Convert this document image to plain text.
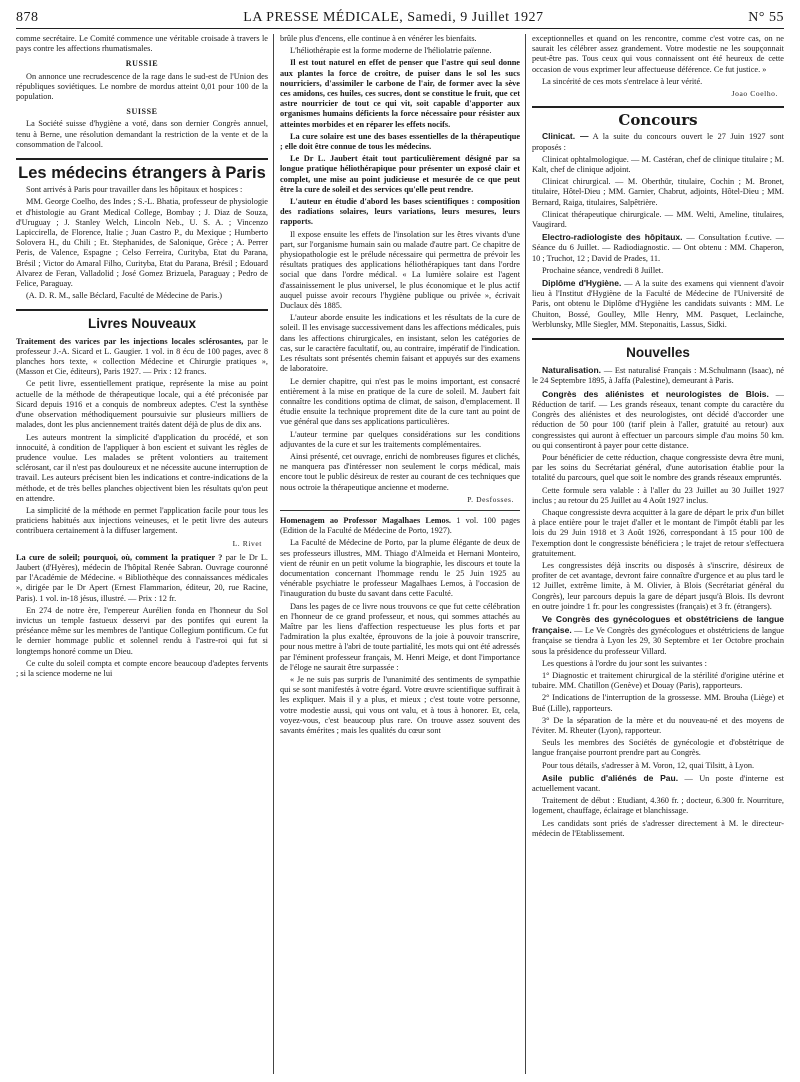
878	LA PRESSE MÉDICALE, Samedi, 9 Juillet 1927	N° 55

comme secrétaire. Le Comité commence une véritable croisade à travers le pays contre les affections rhumatismales.

RUSSIE

On annonce une recrudescence de la rage dans le sud-est de l'Union des républiques soviétiques. Le nombre de mordus atteint 0,01 pour 100 de la population.

SUISSE

La Société suisse d'hygiène a voté, dans son dernier Congrès annuel, tenu à Berne, une résolution demandant la restriction de la vente et de la consommation de l'alcool.

Les médecins étrangers à Paris

Sont arrivés à Paris pour travailler dans les hôpitaux et hospices :

MM. George Coelho, des Indes ; S.-L. Bhatia, professeur de physiologie et d'histologie au Grant Medical College, Bombay ; J. Diaz de Souza, d'Uruguay ; J. Stanley Welch, Lincoln Neb., U. S. A. ; Vincenzo Lapiccirella, de Florence, Italie ; Juan Castro P., du Mexique ; Humberto Solovera H., du Chili ; Et. Stephanides, de Salonique, Grèce ; A. Perrer Peris, de Valence, Espagne ; Celso Ferreira, Curityba, Etat du Parana, Brésil ; Victor do Amaral Filho, Curityba, Etat du Parana, Brésil ; Edouard Alvarez de Feran, Valladolid ; José Gomez Brizuela, Paraguay ; Pedro de Felice, Paraguay.

(A. D. R. M., salle Béclard, Faculté de Médecine de Paris.)

Livres Nouveaux

Traitement des varices par les injections locales sclérosantes, par le professeur J.-A. Sicard et L. Gaugier. 1 vol. in 8 écu de 100 pages, avec 8 planches hors texte, « collection Médecine et Chirurgie pratiques », (Masson et Cie, éditeurs), Paris 1927. — Prix : 12 francs.

Ce petit livre, essentiellement pratique, représente la mise au point actuelle de la méthode de thérapeutique locale, qui a été préconisée par Sicard depuis 1916 et a conquis de nombreux adeptes. C'est la synthèse d'une observation méthodiquement poursuivie sur plusieurs milliers de malades, dont les plus anciennement traités datent déjà de plus de dix ans.

Les auteurs montrent la simplicité d'application du procédé, et son innocuité, à condition de l'appliquer à bon escient et suivant les règles de prudence voulue. Les malades se prêtent volontiers au traitement sclérosant, car il n'est pas douloureux et ne nécessite aucune interruption de travail. Les auteurs précisent bien les indications et contre-indications de la méthode, et de très belles planches objectivent bien les résultats qu'on peut en attendre.

La simplicité de la méthode en permet l'application facile pour tous les praticiens habitués aux injections veineuses, et le petit livre des auteurs contribuera certainement à la diffuser largement.

L. Rivet

La cure de soleil; pourquoi, où, comment la pratiquer ? par le Dr L. Jaubert (d'Hyères), médecin de l'hôpital Renée Sabran. Ouvrage couronné par l'Académie de Médecine. « Bibliothèque des connaissances médicales », dirigée par le Dr Apert (Ernest Flammarion, éditeur, 20, rue Racine, Paris). 1 vol. in-18 jésus, illustré. — Prix : 12 fr.

En 274 de notre ère, l'empereur Aurélien fonda en l'honneur du Sol invictus un temple fastueux desservi par des pontifes qui eurent la préséance même sur les membres de l'antique Collegium pontificum. Ce fut le dernier hommage public et solennel rendu à l'astre-roi qui fut si longtemps honoré comme un Dieu.

Ce culte du soleil compta et compte encore beaucoup d'adeptes fervents ; si la science moderne ne lui

brûle plus d'encens, elle continue à en vénérer les bienfaits.

L'héliothérapie est la forme moderne de l'héliolatrie païenne.

Il est tout naturel en effet de penser que l'astre qui seul donne aux plantes la force de croître, de puiser dans le sol les sucs nourriciers, d'assimiler le carbone de l'air, de former avec la sève ces amidons, ces huiles, ces sucres, dont se constitue le fruit, que cet astre nourricier de tout ce qui vit, soit capable d'apporter aux organismes humains déficients la force nécessaire pour résister aux atteintes morbides et en réparer les effets nocifs.

La cure solaire est une des bases essentielles de la thérapeutique ; elle doit être connue de tous les médecins.

Le Dr L. Jaubert était tout particulièrement désigné par sa longue pratique héliothérapique pour présenter un exposé clair et complet, une mise au point judicieuse et mesurée de ce que peut être la cure de soleil et des services qu'elle peut rendre.

L'auteur en étudie d'abord les bases scientifiques : composition des radiations solaires, leurs variations, leurs mesures, leurs rapports.

Il expose ensuite les effets de l'insolation sur les êtres vivants d'une part, sur l'organisme humain sain ou malade d'autre part. Ce chapitre de physiopathologie est le prélude nécessaire qui permettra de prévoir les résultats pratiques des applications héliothérapiques tant dans l'ordre social que dans l'ordre médical. « La lumière solaire est l'agent d'assainissement le plus universel, le plus économique et le plus actif auquel puisse avoir recours l'hygiène publique ou privée », écrivait Duclaux dès 1885.

L'auteur aborde ensuite les indications et les résultats de la cure de soleil. Il les envisage successivement dans les affections médicales, puis dans les affections chirurgicales, en insistant, selon les catégories de cas, sur le caractère facultatif, ou, au contraire, impératif de l'indication. Les résultats sont présentés chemin faisant et appuyés sur des examens de laboratoire.

Le dernier chapitre, qui n'est pas le moins important, est consacré entièrement à la mise en pratique de la cure de soleil. M. Jaubert fait connaître les conditions optima de climat, de saison, d'emplacement. Il étudie ensuite la technique proprement dite de la cure tant au point de vue général que dans ses applications particulières.

L'auteur termine par quelques considérations sur les conditions adjuvantes de la cure et sur les traitements complémentaires.

Ainsi présenté, cet ouvrage, enrichi de nombreuses figures et clichés, ne manquera pas d'intéresser non seulement le corps médical, mais encore tout le public désireux de rester au courant de ces techniques que nous octroie la thérapeutique ancienne et moderne.

P. Desfosses.

Homenagem ao Professor Magalhaes Lemos. 1 vol. 100 pages (Edition de la Faculté de Médecine de Porto, 1927).

La Faculté de Médecine de Porto, par la plume élégante de deux de ses professeurs illustres, MM. Thiago d'Almeida et Hernani Monteiro, vient de réunir en un petit volume la biographie, les discours et toute la documentation concernant l'hommage rendu le 25 Juin 1925 au vénérable psychiatre le professeur Magalhaes Lemos, à l'occasion de l'inauguration du buste du savant dans cette Faculté.

Dans les pages de ce livre nous trouvons ce que fut cette célébration en l'honneur de ce grand professeur, et nous, qui sommes attachés au Maître par les liens d'affection respectueuse les plus forts et par l'admiration la plus exaltée, éprouvons de la joie à pouvoir transcrire, pour nous mettre à l'abri de toute partialité, les mots qui ont été adressés par l'éminent professeur français, M. Henri Meige, et dont l'importance de l'éloge ne saurait être surpassée :

« Je ne suis pas surpris de l'unanimité des sentiments de sympathie qui se sont manifestés à votre égard. Votre œuvre scientifique suffirait à les expliquer. Mais il y a plus, et mieux ; c'est toute votre personne, votre modestie aussi, qui vous ont valu, et à tous à honorer. Et, cela, voyez-vous, c'est beaucoup plus rare. On trouve assez souvent des savants émérites ; mais les qualités du cœur sont

exceptionnelles et quand on les rencontre, comme c'est votre cas, on ne saurait les célébrer assez grandement. Votre modestie ne les soupçonnait peut-être pas. Tous ceux qui vous connaissent ont été heureux de cette occasion de vous exprimer leur affectueuse déférence. Ce fut justice. »

La sincérité de ces mots s'entrelace à leur vérité.

Joao Coelho.
Concours

Clinicat. — A la suite du concours ouvert le 27 Juin 1927 sont proposés :

Clinicat ophtalmologique. — M. Castéran, chef de clinique titulaire ; M. Kalt, chef de clinique adjoint.

Clinicat chirurgical. — M. Oberthür, titulaire, Cochin ; M. Bronet, titulaire, Hôtel-Dieu ; MM. Garnier, Chabrut, adjoints, Hôtel-Dieu ; MM. Bernard, Raiga, titulaires, Salpêtrière.

Clinicat thérapeutique chirurgicale. — MM. Welti, Ameline, titulaires, Vaugirard.

Electro-radiologiste des hôpitaux. — Consultation f.cutive. — Séance du 6 Juillet. — Radiodiagnostic. — Ont obtenu : MM. Chaperon, 10 ; Truchot, 12 ; David de Prades, 11.

Prochaine séance, vendredi 8 Juillet.

Diplôme d'Hygiène. — A la suite des examens qui viennent d'avoir lieu à l'Institut d'Hygiène de la Faculté de Médecine de l'Université de Paris, ont obtenu le Diplôme d'Hygiène les candidats suivants : MM. Le Chuiton, Bossé, Goulley, Mlle Henry, MM. Pasquet, Leclainche, Werblunsky, Mlle Siegler, MM. Steponaitis, Lassus, Sidki.

Nouvelles

Naturalisation. — Est naturalisé Français : M.Schulmann (Isaac), né le 24 Septembre 1895, à Jaffa (Palestine), demeurant à Paris.

Congrès des aliénistes et neurologistes de Blois. — Réduction de tarif. — Les grands réseaux, tenant compte du caractère du Congrès des aliénistes et des neurologistes, ont décidé d'accorder une réduction de 50 pour 100 (tarif plein à l'aller, gratuité au retour) aux congressistes qui auront à effectuer un parcours simple d'au moins 50 km. ou qui consentiront à payer pour cette distance.

Pour bénéficier de cette réduction, chaque congressiste devra être muni, par les soins du Secrétariat général, d'une autorisation établie pour la totalité du parcours, quel que soit le nombre des grands réseaux empruntés.

Cette formule sera valable : à l'aller du 23 Juillet au 30 Juillet 1927 inclus ; au retour du 25 Juillet au 4 Août 1927 inclus.

Chaque congressiste devra acquitter à la gare de départ le prix d'un billet à place entière pour le trajet d'aller et le montant de l'impôt établi par les lois du 29 Juin 1918 et 3 Août 1926, correspondant à 15 pour 100 de l'exemption dont le congressiste bénéficiera ; le trajet de retour s'effectuera gratuitement.

Les congressistes déjà inscrits ou disposés à s'inscrire, désireux de profiter de cet avantage, devront faire connaître d'urgence et au plus tard le 12 Juillet, extrême limite, à M. Olivier, à Blois (Secrétariat général du Congrès), leur parcours depuis la gare de départ jusqu'à Blois. Ils devront en outre joindre 1 fr. pour les congressistes (français) et 3 fr. (étrangers).

Ve Congrès des gynécologues et obstétriciens de langue française. — Le Ve Congrès des gynécologues et obstétriciens de langue française se tiendra à Lyon les 29, 30 Septembre et 1er Octobre prochain sous la présidence du professeur Villard.

Les questions à l'ordre du jour sont les suivantes :

1° Diagnostic et traitement chirurgical de la stérilité d'origine utérine et tubaire. MM. Chatillon (Genève) et Douay (Paris), rapporteurs.

2° Indications de l'interruption de la grossesse. MM. Brouha (Liège) et Bué (Lille), rapporteurs.

3° De la séparation de la mère et du nouveau-né et des moyens de l'éviter. M. Rheuter (Lyon), rapporteur.

Seuls les membres des Sociétés de gynécologie et d'obstétrique de langue française pourront prendre part au Congrès.

Pour tous détails, s'adresser à M. Voron, 12, quai Tilsitt, à Lyon.

Asile public d'aliénés de Pau. — Un poste d'interne est actuellement vacant.

Traitement de début : Etudiant, 4.360 fr. ; docteur, 6.300 fr. Nourriture, logement, chauffage, éclairage et blanchissage.

Les candidats sont priés de s'adresser directement à M. le directeur-médecin de l'Etablissement.
